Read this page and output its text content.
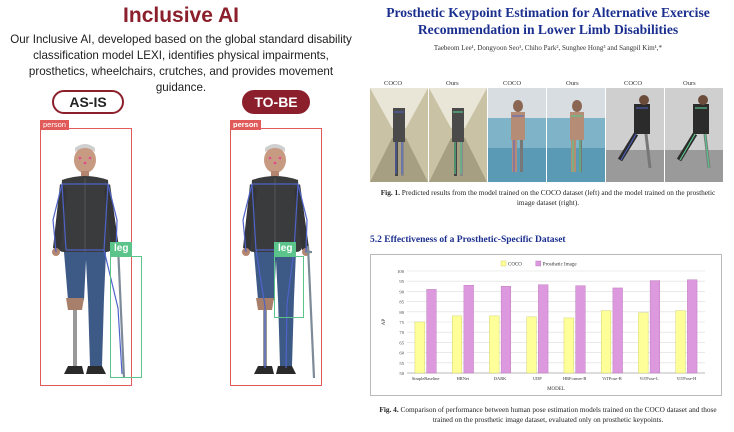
Inclusive AI
Our Inclusive AI, developed based on the global standard disability classification model LEXI, identifies physical impairments, prosthetics, wheelchairs, crutches, and provides movement guidance.
AS-IS	TO-BE
person
leg
person
leg
Prosthetic Keypoint Estimation for Alternative Exercise Recommendation in Lower Limb Disabilities
Taebeom Lee¹, Dongyoon Seo¹, Chiho Park², Sunghee Hong³ and Sangpil Kim¹,*
COCO	Ours	COCO	Ours	COCO	Ours
Fig. 1. Predicted results from the model trained on the COCO dataset (left) and the model trained on the prosthetic image dataset (right).
5.2 Effectiveness of a Prosthetic-Specific Dataset
50
55
60
65
70
75
80
85
90
95
100
SimpleBaseline	HRNet	DARK	UDP	HRFormer-B	ViTPose-B	ViTPose-L	ViTPose-H
MODEL
AP
COCO	Prosthetic Image
Fig. 4. Comparison of performance between human pose estimation models trained on the COCO dataset and those trained on the prosthetic image dataset, evaluated only on prosthetic keypoints.
